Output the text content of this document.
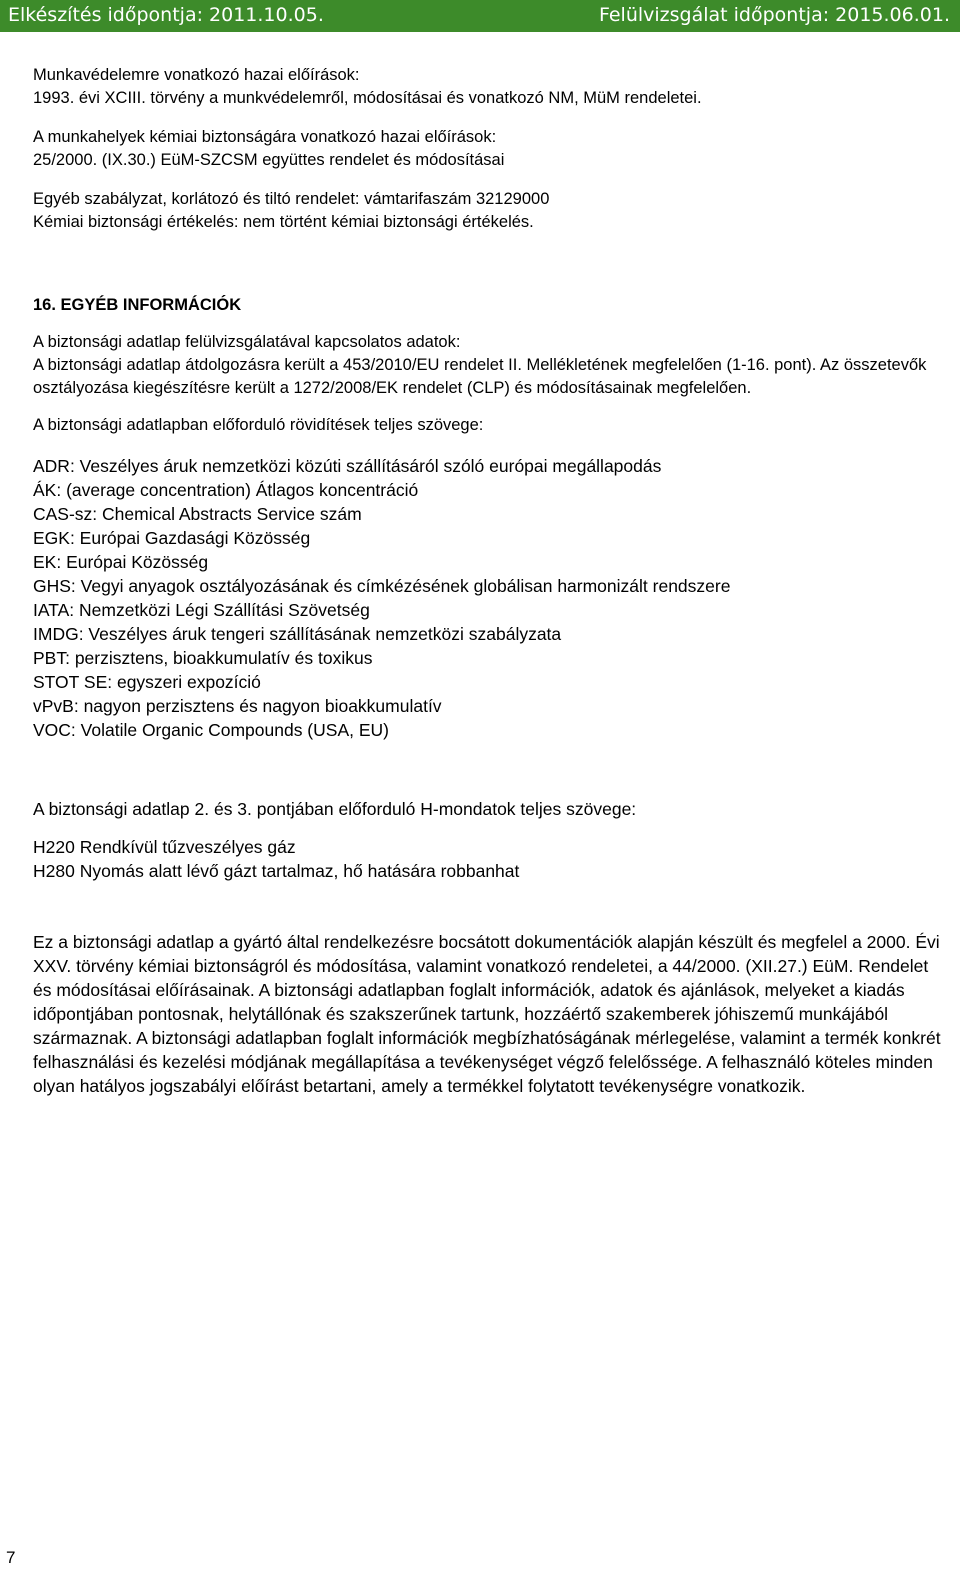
Elkészítés időpontja: 2011.10.05.	Felülvizsgálat időpontja: 2015.06.01.

Munkavédelemre vonatkozó hazai előírások:

1993. évi XCIII. törvény a munkvédelemről, módosításai és vonatkozó NM, MüM rendeletei.

A munkahelyek kémiai biztonságára vonatkozó hazai előírások:

25/2000. (IX.30.) EüM-SZCSM együttes rendelet és módosításai

Egyéb szabályzat, korlátozó és tiltó rendelet: vámtarifaszám 32129000

Kémiai biztonsági értékelés: nem történt kémiai biztonsági értékelés.

16. EGYÉB INFORMÁCIÓK

A biztonsági adatlap felülvizsgálatával kapcsolatos adatok:

A biztonsági adatlap átdolgozásra került a 453/2010/EU rendelet II. Mellékletének megfelelően (1-16. pont). Az összetevők osztályozása kiegészítésre került a 1272/2008/EK rendelet (CLP) és módosításainak megfelelően.

A biztonsági adatlapban előforduló rövidítések teljes szövege:

ADR: Veszélyes áruk nemzetközi közúti szállításáról szóló európai megállapodás

ÁK: (average concentration) Átlagos koncentráció

CAS-sz: Chemical Abstracts Service szám

EGK: Európai Gazdasági Közösség

EK: Európai Közösség

GHS: Vegyi anyagok osztályozásának és címkézésének globálisan harmonizált rendszere

IATA: Nemzetközi Légi Szállítási Szövetség

IMDG: Veszélyes áruk tengeri szállításának nemzetközi szabályzata

PBT: perzisztens, bioakkumulatív és toxikus

STOT SE: egyszeri expozíció

vPvB: nagyon perzisztens és nagyon bioakkumulatív

VOC: Volatile Organic Compounds (USA, EU)

A biztonsági adatlap 2. és 3. pontjában előforduló H-mondatok teljes szövege:

H220 Rendkívül tűzveszélyes gáz

H280 Nyomás alatt lévő gázt tartalmaz, hő hatására robbanhat

Ez a biztonsági adatlap a gyártó által rendelkezésre bocsátott dokumentációk alapján készült és megfelel a 2000. Évi XXV. törvény kémiai biztonságról és módosítása, valamint vonatkozó rendeletei, a 44/2000. (XII.27.) EüM. Rendelet és módosításai előírásainak. A biztonsági adatlapban foglalt információk, adatok és ajánlások, melyeket a kiadás időpontjában pontosnak, helytállónak és szakszerűnek tartunk, hozzáértő szakemberek jóhiszemű munkájából származnak. A biztonsági adatlapban foglalt információk megbízhatóságának mérlegelése, valamint a termék konkrét felhasználási és kezelési módjának megállapítása a tevékenységet végző felelőssége. A felhasználó köteles minden olyan hatályos jogszabályi előírást betartani, amely a termékkel folytatott tevékenységre vonatkozik.

7
